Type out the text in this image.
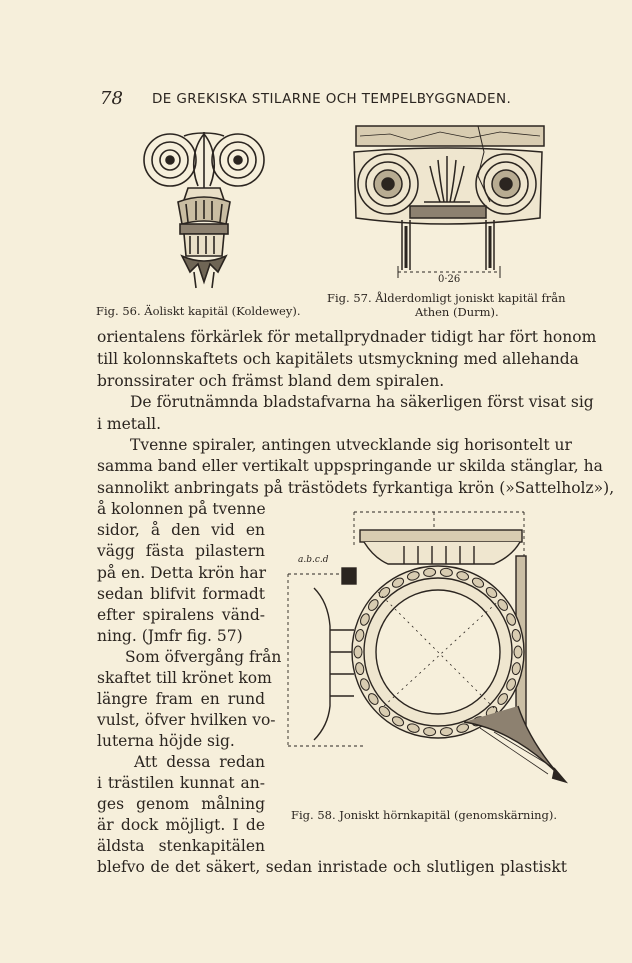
78 DE GREKISKA STILARNE OCH TEMPELBYGGNADEN.
Fig. 56. Äoliskt kapitäl (Koldewey).
0·26
Fig. 57. Ålderdomligt joniskt kapitäl från
Athen (Durm).
orientalens förkärlek för metallprydnader tidigt har fört honom
till kolonnskaftets och kapitälets utsmyckning med allehanda
bronssirater och främst bland dem spiralen.
De förutnämnda bladstafvarna ha säkerligen först visat sig
i metall.
Tvenne spiraler, antingen utvecklande sig horisontelt ur
samma band eller vertikalt uppspringande ur skilda stänglar, ha
sannolikt anbringats på trästödets fyrkantiga krön (»Sattelholz»),
å kolonnen på tvenne
sidor, å den vid en
vägg fästa pilastern
på en. Detta krön har
sedan blifvit formadt
efter spiralens vänd-
ning. (Jmfr fig. 57)
Som öfvergång från
skaftet till krönet kom
längre fram en rund
vulst, öfver hvilken vo-
luterna höjde sig.
Att dessa redan
i trästilen kunnat an-
ges genom målning
är dock möjligt. I de
äldsta stenkapitälen
blefvo de det säkert, sedan inristade och slutligen plastiskt
a.b.c.d
Fig. 58. Joniskt hörnkapitäl (genomskärning).
